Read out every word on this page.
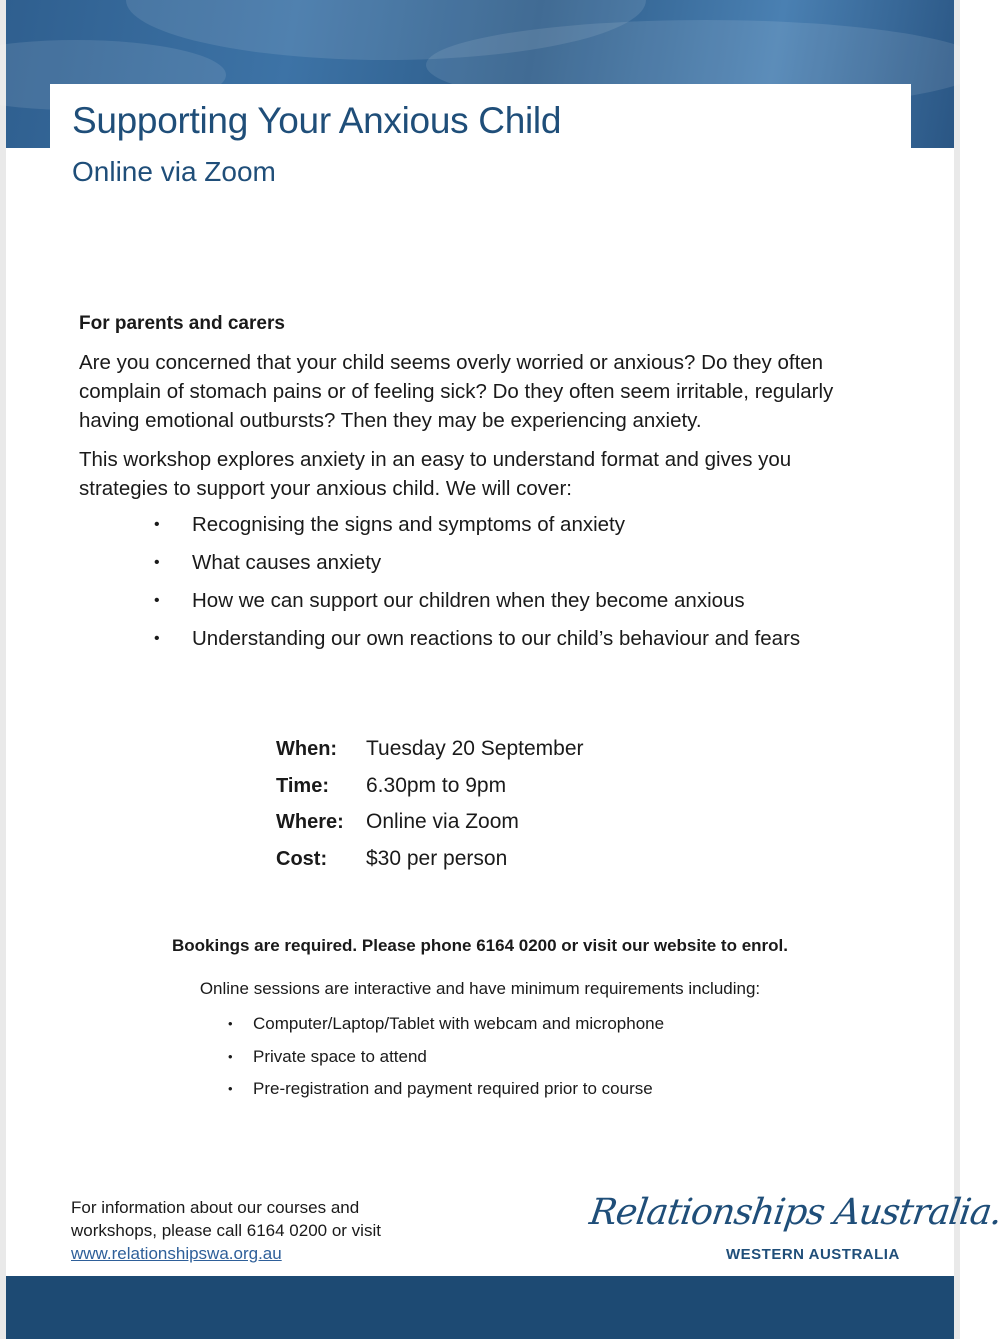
Supporting Your Anxious Child
Online via Zoom

For parents and carers

Are you concerned that your child seems overly worried or anxious? Do they often complain of stomach pains or of feeling sick? Do they often seem irritable, regularly having emotional outbursts? Then they may be experiencing anxiety.

This workshop explores anxiety in an easy to understand format and gives you strategies to support your anxious child. We will cover:

• Recognising the signs and symptoms of anxiety
• What causes anxiety
• How we can support our children when they become anxious
• Understanding our own reactions to our child’s behaviour and fears
When: Tuesday 20 September
Time: 6.30pm to 9pm
Where: Online via Zoom
Cost: $30 per person

Bookings are required. Please phone 6164 0200 or visit our website to enrol.

Online sessions are interactive and have minimum requirements including:

• Computer/Laptop/Tablet with webcam and microphone
• Private space to attend
• Pre-registration and payment required prior to course
For information about our courses and
workshops, please call 6164 0200 or visit
www.relationshipswa.org.au
Relationships Australia.
WESTERN AUSTRALIA
